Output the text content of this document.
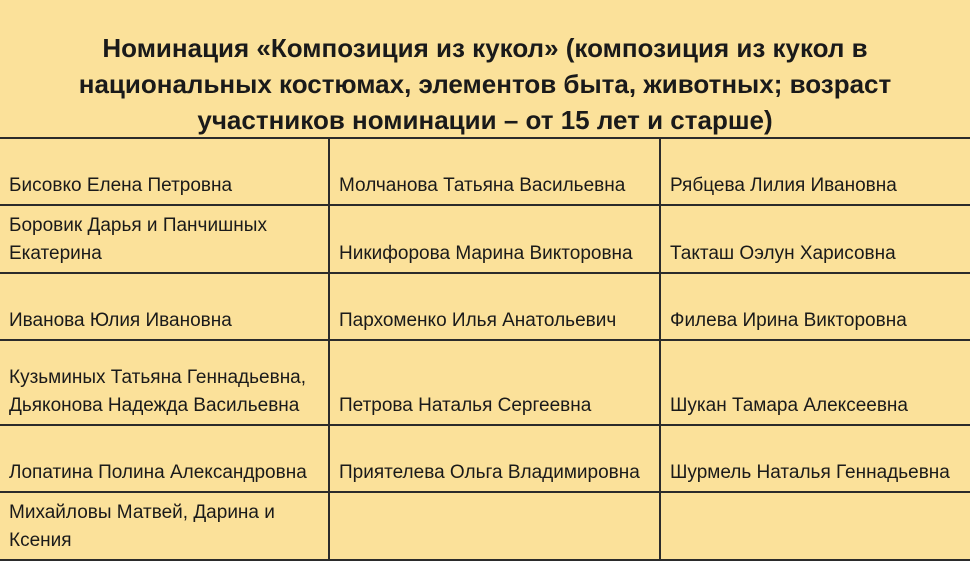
Номинация «Композиция из кукол» (композиция из кукол в
национальных костюмах, элементов быта, животных; возраст
участников номинации – от 15 лет и старше)
Бисовко Елена Петровна	Молчанова Татьяна Васильевна	Рябцева Лилия Ивановна
Боровик Дарья и Панчишных Екатерина	Никифорова Марина Викторовна	Такташ Оэлун Харисовна
Иванова Юлия Ивановна	Пархоменко Илья Анатольевич	Филева Ирина Викторовна
Кузьминых Татьяна Геннадьевна, Дьяконова Надежда Васильевна	Петрова Наталья Сергеевна	Шукан Тамара Алексеевна
Лопатина Полина Александровна	Приятелева Ольга Владимировна	Шурмель Наталья Геннадьевна
Михайловы Матвей, Дарина и Ксения		
